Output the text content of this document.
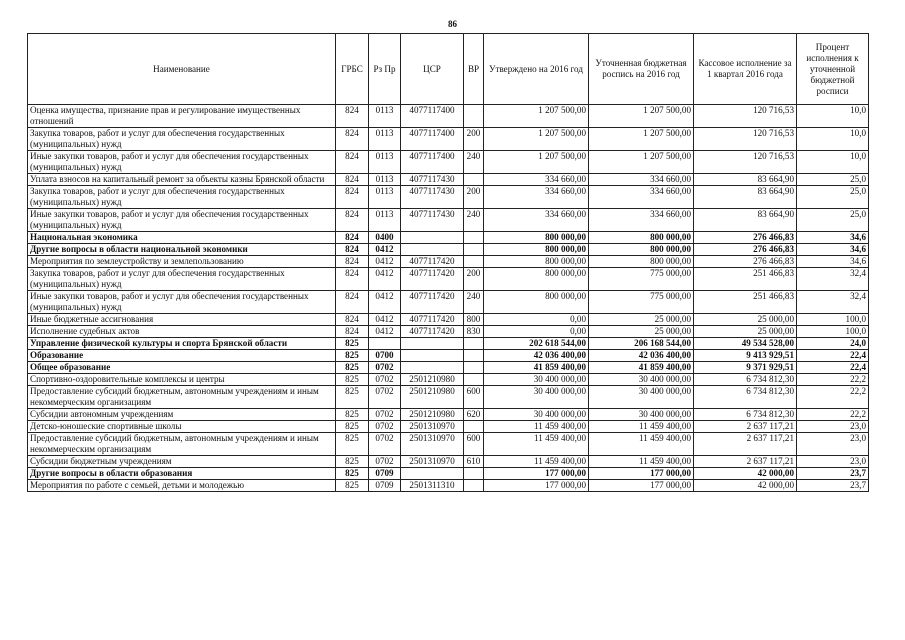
86
Наименование	ГРБС	Рз Пр	ЦСР	ВР	Утверждено на 2016 год	Уточненная бюджетная роспись на 2016 год	Кассовое исполнение за 1 квартал 2016 года	Процент исполнения к уточненной бюджетной росписи
Оценка имущества, признание прав и регулирование имущественных отношений	824	0113	4077117400		1 207 500,00	1 207 500,00	120 716,53	10,0
Закупка товаров, работ и услуг для обеспечения государственных (муниципальных) нужд	824	0113	4077117400	200	1 207 500,00	1 207 500,00	120 716,53	10,0
Иные закупки товаров, работ и услуг для обеспечения государственных (муниципальных) нужд	824	0113	4077117400	240	1 207 500,00	1 207 500,00	120 716,53	10,0
Уплата взносов на капитальный ремонт за объекты казны Брянской области	824	0113	4077117430		334 660,00	334 660,00	83 664,90	25,0
Закупка товаров, работ и услуг для обеспечения государственных (муниципальных) нужд	824	0113	4077117430	200	334 660,00	334 660,00	83 664,90	25,0
Иные закупки товаров, работ и услуг для обеспечения государственных (муниципальных) нужд	824	0113	4077117430	240	334 660,00	334 660,00	83 664,90	25,0
Национальная экономика	824	0400			800 000,00	800 000,00	276 466,83	34,6
Другие вопросы в области национальной экономики	824	0412			800 000,00	800 000,00	276 466,83	34,6
Мероприятия по землеустройству и землепользованию	824	0412	4077117420		800 000,00	800 000,00	276 466,83	34,6
Закупка товаров, работ и услуг для обеспечения государственных (муниципальных) нужд	824	0412	4077117420	200	800 000,00	775 000,00	251 466,83	32,4
Иные закупки товаров, работ и услуг для обеспечения государственных (муниципальных) нужд	824	0412	4077117420	240	800 000,00	775 000,00	251 466,83	32,4
Иные бюджетные ассигнования	824	0412	4077117420	800	0,00	25 000,00	25 000,00	100,0
Исполнение судебных актов	824	0412	4077117420	830	0,00	25 000,00	25 000,00	100,0
Управление физической культуры и спорта Брянской области	825				202 618 544,00	206 168 544,00	49 534 528,00	24,0
Образование	825	0700			42 036 400,00	42 036 400,00	9 413 929,51	22,4
Общее образование	825	0702			41 859 400,00	41 859 400,00	9 371 929,51	22,4
Спортивно-оздоровительные комплексы и центры	825	0702	2501210980		30 400 000,00	30 400 000,00	6 734 812,30	22,2
Предоставление субсидий бюджетным, автономным учреждениям и иным некоммерческим организациям	825	0702	2501210980	600	30 400 000,00	30 400 000,00	6 734 812,30	22,2
Субсидии автономным учреждениям	825	0702	2501210980	620	30 400 000,00	30 400 000,00	6 734 812,30	22,2
Детско-юношеские спортивные школы	825	0702	2501310970		11 459 400,00	11 459 400,00	2 637 117,21	23,0
Предоставление субсидий бюджетным, автономным учреждениям и иным некоммерческим организациям	825	0702	2501310970	600	11 459 400,00	11 459 400,00	2 637 117,21	23,0
Субсидии бюджетным учреждениям	825	0702	2501310970	610	11 459 400,00	11 459 400,00	2 637 117,21	23,0
Другие вопросы в области образования	825	0709			177 000,00	177 000,00	42 000,00	23,7
Мероприятия по работе с семьей, детьми и молодежью	825	0709	2501311310		177 000,00	177 000,00	42 000,00	23,7
